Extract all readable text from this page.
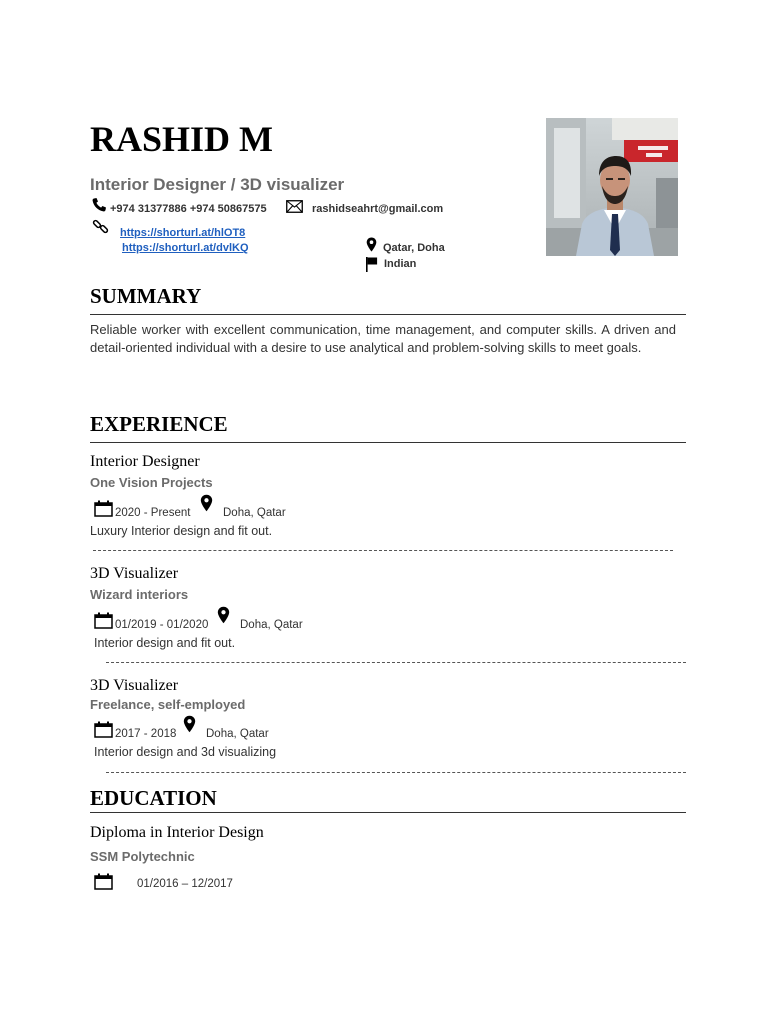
RASHID M
Interior Designer / 3D visualizer
+974 31377886 +974 50867575	rashidseahrt@gmail.com
https://shorturl.at/hlOT8
https://shorturl.at/dvlKQ	Qatar, Doha
Indian
SUMMARY
Reliable worker with excellent communication, time management, and computer skills. A driven and detail-oriented individual with a desire to use analytical and problem-solving skills to meet goals.
EXPERIENCE
Interior Designer
One Vision Projects
2020 - Present	Doha, Qatar
Luxury Interior design and fit out.
3D Visualizer
Wizard interiors
01/2019 - 01/2020	Doha, Qatar
Interior design and fit out.
3D Visualizer
Freelance, self-employed
2017 - 2018	Doha, Qatar
Interior design and 3d visualizing
EDUCATION
Diploma in Interior Design
SSM Polytechnic
01/2016 – 12/2017
